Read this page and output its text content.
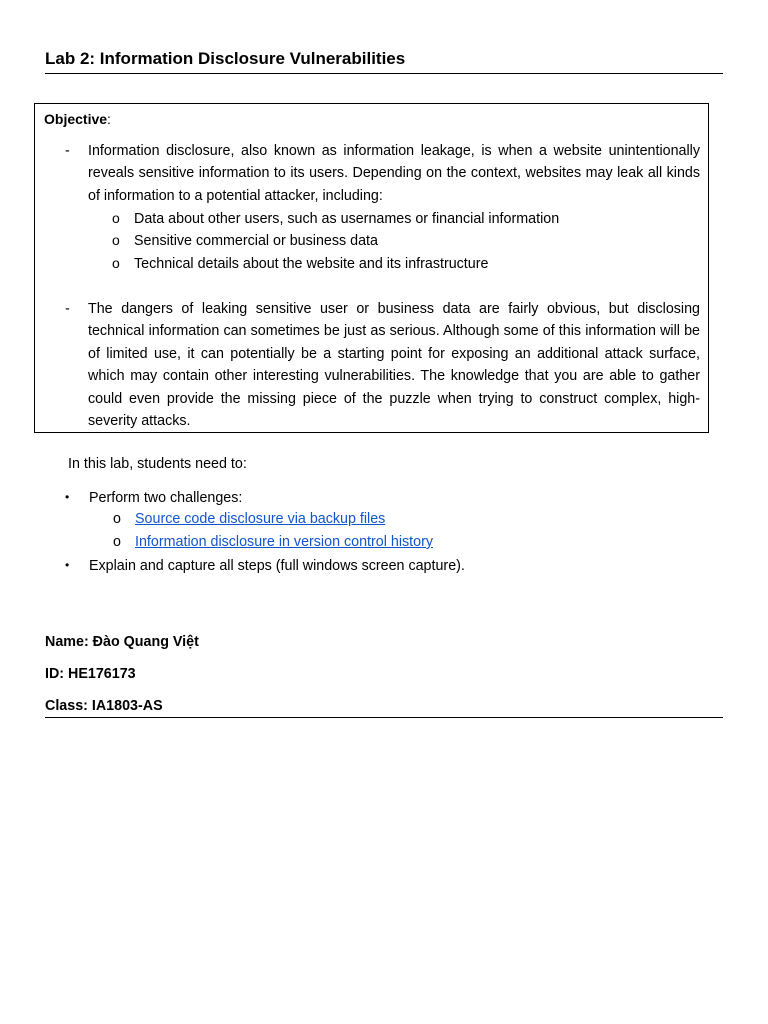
Lab 2: Information Disclosure Vulnerabilities
Objective:
- Information disclosure, also known as information leakage, is when a website unintentionally reveals sensitive information to its users. Depending on the context, websites may leak all kinds of information to a potential attacker, including:
o Data about other users, such as usernames or financial information
o Sensitive commercial or business data
o Technical details about the website and its infrastructure
- The dangers of leaking sensitive user or business data are fairly obvious, but disclosing technical information can sometimes be just as serious. Although some of this information will be of limited use, it can potentially be a starting point for exposing an additional attack surface, which may contain other interesting vulnerabilities. The knowledge that you are able to gather could even provide the missing piece of the puzzle when trying to construct complex, high-severity attacks.
In this lab, students need to:
• Perform two challenges:
o Source code disclosure via backup files
o Information disclosure in version control history
• Explain and capture all steps (full windows screen capture).
Name: Đào Quang Việt
ID: HE176173
Class: IA1803-AS
